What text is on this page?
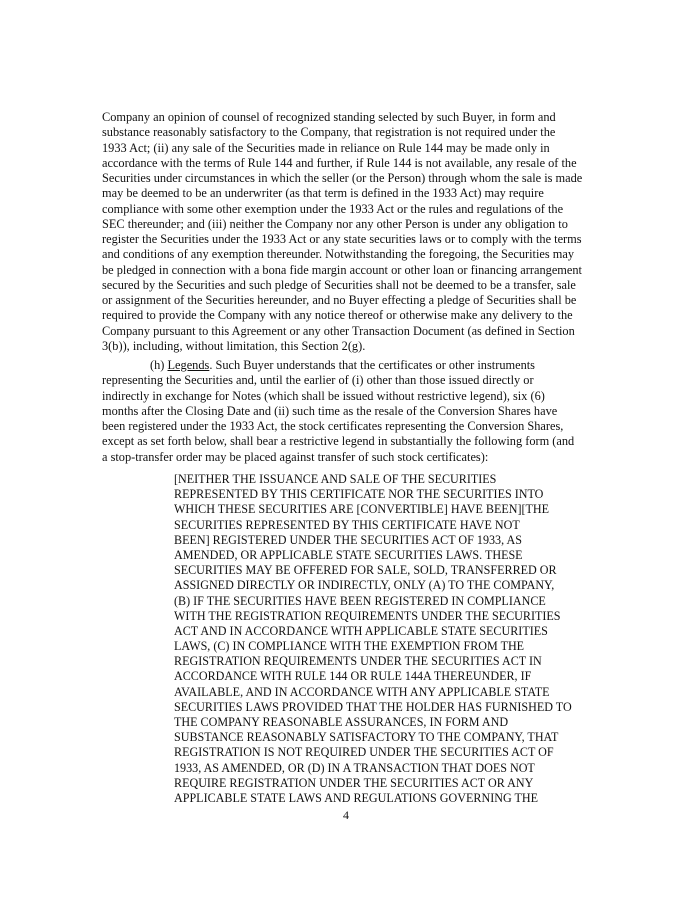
Company an opinion of counsel of recognized standing selected by such Buyer, in form and
substance reasonably satisfactory to the Company, that registration is not required under the
1933 Act; (ii) any sale of the Securities made in reliance on Rule 144 may be made only in
accordance with the terms of Rule 144 and further, if Rule 144 is not available, any resale of the
Securities under circumstances in which the seller (or the Person) through whom the sale is made
may be deemed to be an underwriter (as that term is defined in the 1933 Act) may require
compliance with some other exemption under the 1933 Act or the rules and regulations of the
SEC thereunder; and (iii) neither the Company nor any other Person is under any obligation to
register the Securities under the 1933 Act or any state securities laws or to comply with the terms
and conditions of any exemption thereunder. Notwithstanding the foregoing, the Securities may
be pledged in connection with a bona fide margin account or other loan or financing arrangement
secured by the Securities and such pledge of Securities shall not be deemed to be a transfer, sale
or assignment of the Securities hereunder, and no Buyer effecting a pledge of Securities shall be
required to provide the Company with any notice thereof or otherwise make any delivery to the
Company pursuant to this Agreement or any other Transaction Document (as defined in Section
3(b)), including, without limitation, this Section 2(g).
(h) Legends. Such Buyer understands that the certificates or other instruments
representing the Securities and, until the earlier of (i) other than those issued directly or
indirectly in exchange for Notes (which shall be issued without restrictive legend), six (6)
months after the Closing Date and (ii) such time as the resale of the Conversion Shares have
been registered under the 1933 Act, the stock certificates representing the Conversion Shares,
except as set forth below, shall bear a restrictive legend in substantially the following form (and
a stop-transfer order may be placed against transfer of such stock certificates):
[NEITHER THE ISSUANCE AND SALE OF THE SECURITIES
REPRESENTED BY THIS CERTIFICATE NOR THE SECURITIES INTO
WHICH THESE SECURITIES ARE [CONVERTIBLE] HAVE BEEN][THE
SECURITIES REPRESENTED BY THIS CERTIFICATE HAVE NOT
BEEN] REGISTERED UNDER THE SECURITIES ACT OF 1933, AS
AMENDED, OR APPLICABLE STATE SECURITIES LAWS. THESE
SECURITIES MAY BE OFFERED FOR SALE, SOLD, TRANSFERRED OR
ASSIGNED DIRECTLY OR INDIRECTLY, ONLY (A) TO THE COMPANY,
(B) IF THE SECURITIES HAVE BEEN REGISTERED IN COMPLIANCE
WITH THE REGISTRATION REQUIREMENTS UNDER THE SECURITIES
ACT AND IN ACCORDANCE WITH APPLICABLE STATE SECURITIES
LAWS, (C) IN COMPLIANCE WITH THE EXEMPTION FROM THE
REGISTRATION REQUIREMENTS UNDER THE SECURITIES ACT IN
ACCORDANCE WITH RULE 144 OR RULE 144A THEREUNDER, IF
AVAILABLE, AND IN ACCORDANCE WITH ANY APPLICABLE STATE
SECURITIES LAWS PROVIDED THAT THE HOLDER HAS FURNISHED TO
THE COMPANY REASONABLE ASSURANCES, IN FORM AND
SUBSTANCE REASONABLY SATISFACTORY TO THE COMPANY, THAT
REGISTRATION IS NOT REQUIRED UNDER THE SECURITIES ACT OF
1933, AS AMENDED, OR (D) IN A TRANSACTION THAT DOES NOT
REQUIRE REGISTRATION UNDER THE SECURITIES ACT OR ANY
APPLICABLE STATE LAWS AND REGULATIONS GOVERNING THE
4
